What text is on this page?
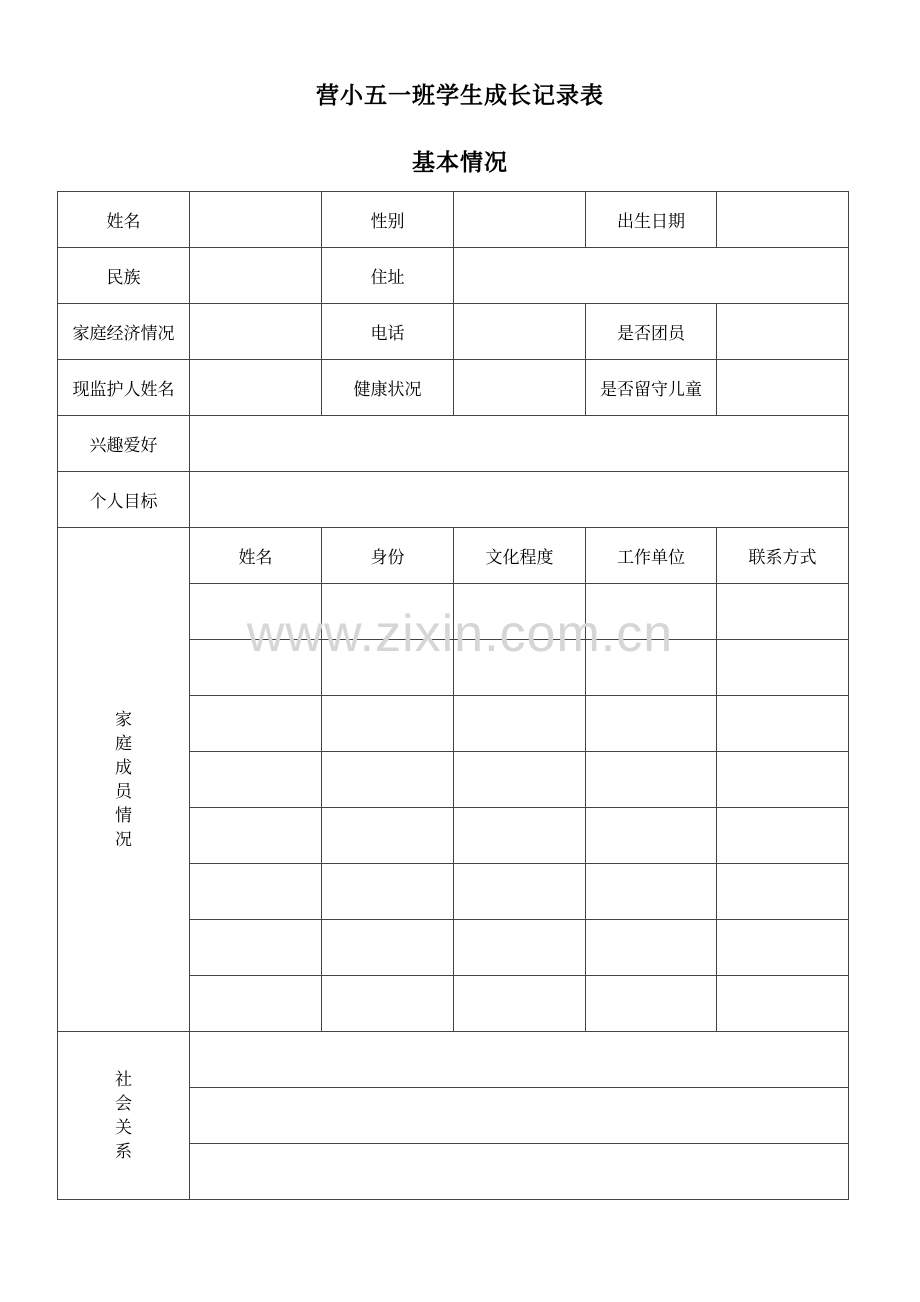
营小五一班学生成长记录表
基本情况
姓名		性别		出生日期	
民族		住址			
家庭经济情况		电话		是否团员	
现监护人姓名		健康状况		是否留守儿童	
兴趣爱好					
个人目标					
家庭成员情况	姓名	身份	文化程度	工作单位	联系方式

社会关系					

www.zixin.com.cn
